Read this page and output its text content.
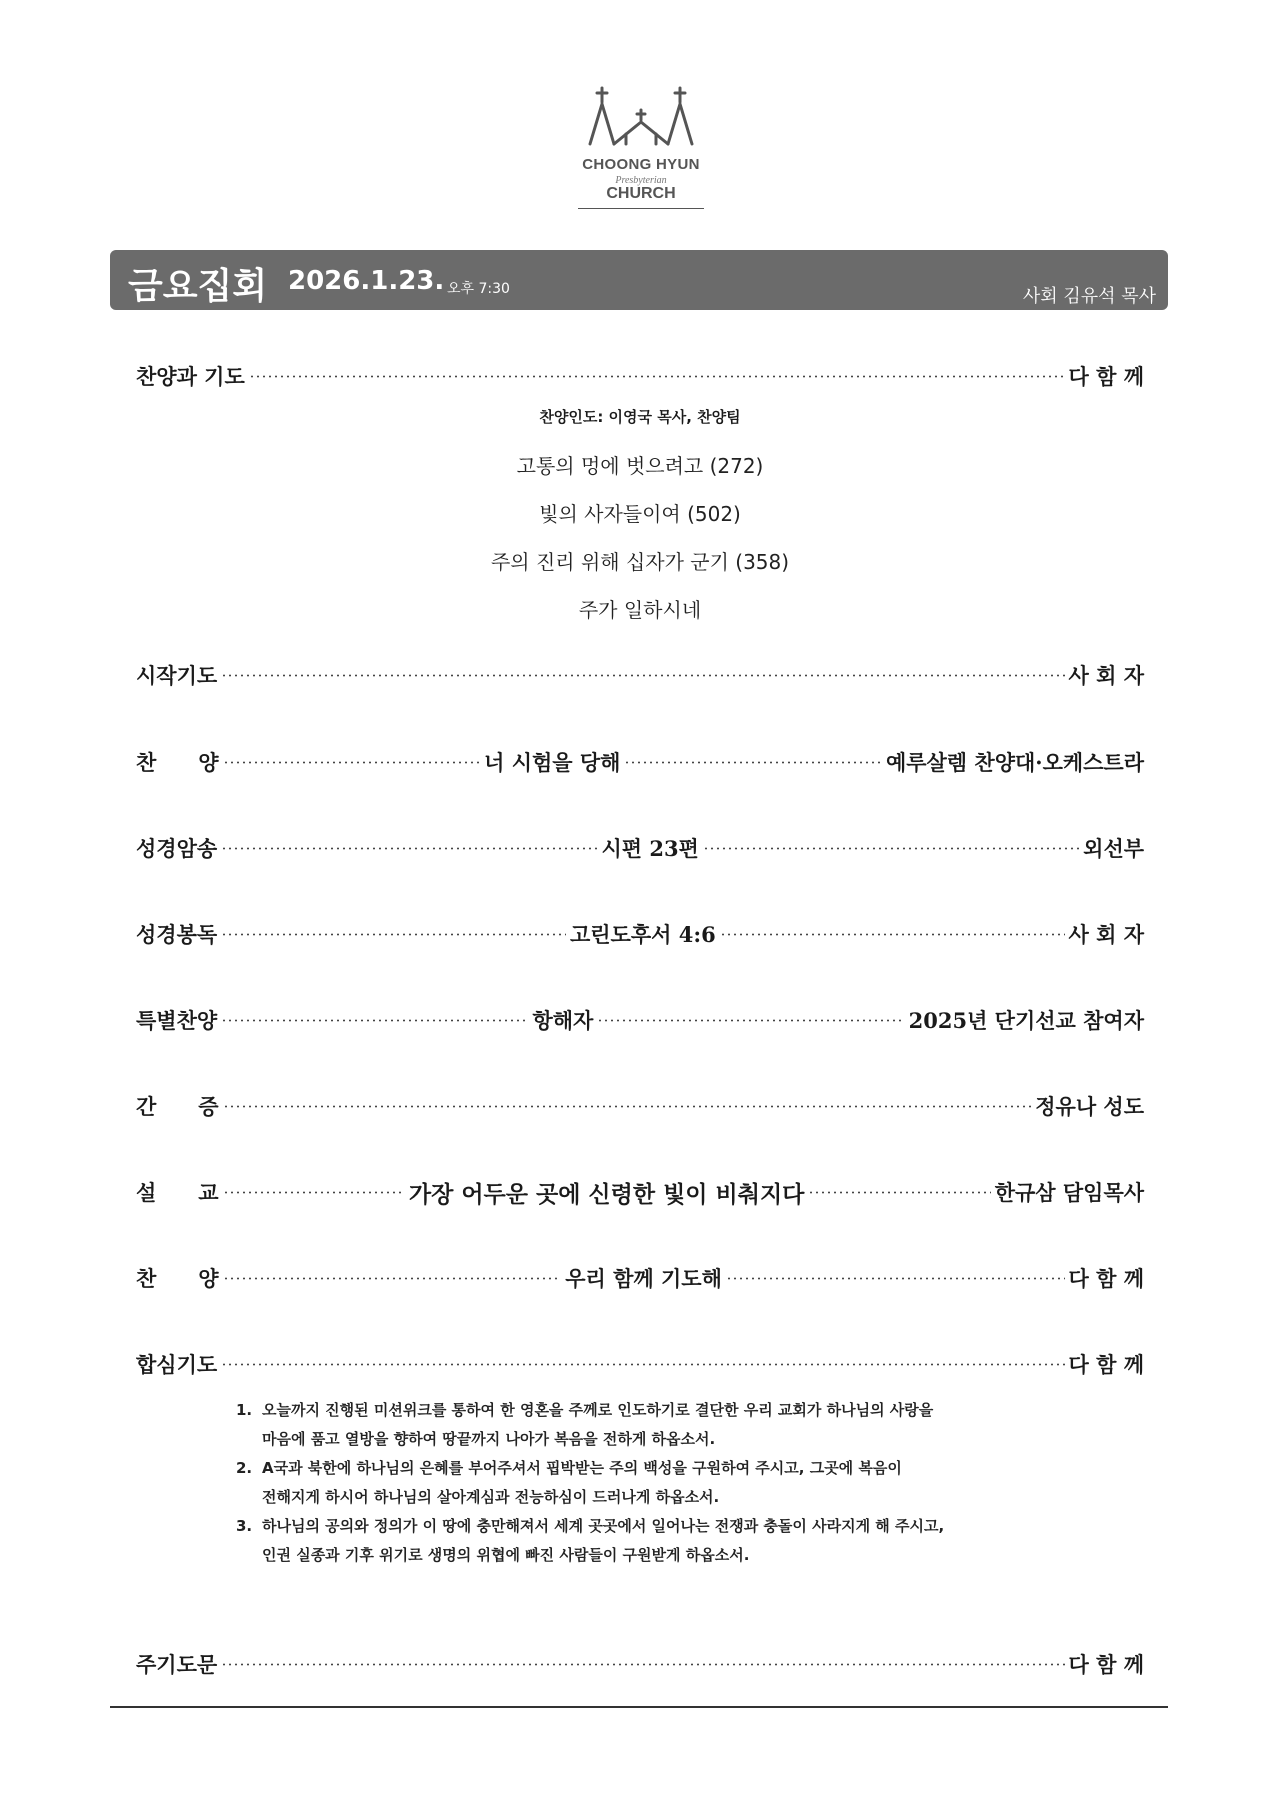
CHOONG HYUN
Presbyterian
CHURCH
금요집회 2026.1.23. 오후 7:30	사회 김유석 목사
찬양과 기도	다 함 께
찬양인도: 이영국 목사, 찬양팀
고통의 멍에 벗으려고 (272)
빛의 사자들이여 (502)
주의 진리 위해 십자가 군기 (358)
주가 일하시네
시작기도	사 회 자
찬　　양	너 시험을 당해	예루살렘 찬양대·오케스트라
성경암송	시편 23편	외선부
성경봉독	고린도후서 4:6	사 회 자
특별찬양	항해자	2025년 단기선교 참여자
간　　증	정유나 성도
설　　교	가장 어두운 곳에 신령한 빛이 비춰지다	한규삼 담임목사
찬　　양	우리 함께 기도해	다 함 께
합심기도	다 함 께
1. 오늘까지 진행된 미션위크를 통하여 한 영혼을 주께로 인도하기로 결단한 우리 교회가 하나님의 사랑을
마음에 품고 열방을 향하여 땅끝까지 나아가 복음을 전하게 하옵소서.
2. A국과 북한에 하나님의 은혜를 부어주셔서 핍박받는 주의 백성을 구원하여 주시고, 그곳에 복음이
전해지게 하시어 하나님의 살아계심과 전능하심이 드러나게 하옵소서.
3. 하나님의 공의와 정의가 이 땅에 충만해져서 세계 곳곳에서 일어나는 전쟁과 충돌이 사라지게 해 주시고,
인권 실종과 기후 위기로 생명의 위협에 빠진 사람들이 구원받게 하옵소서.
주기도문	다 함 께
